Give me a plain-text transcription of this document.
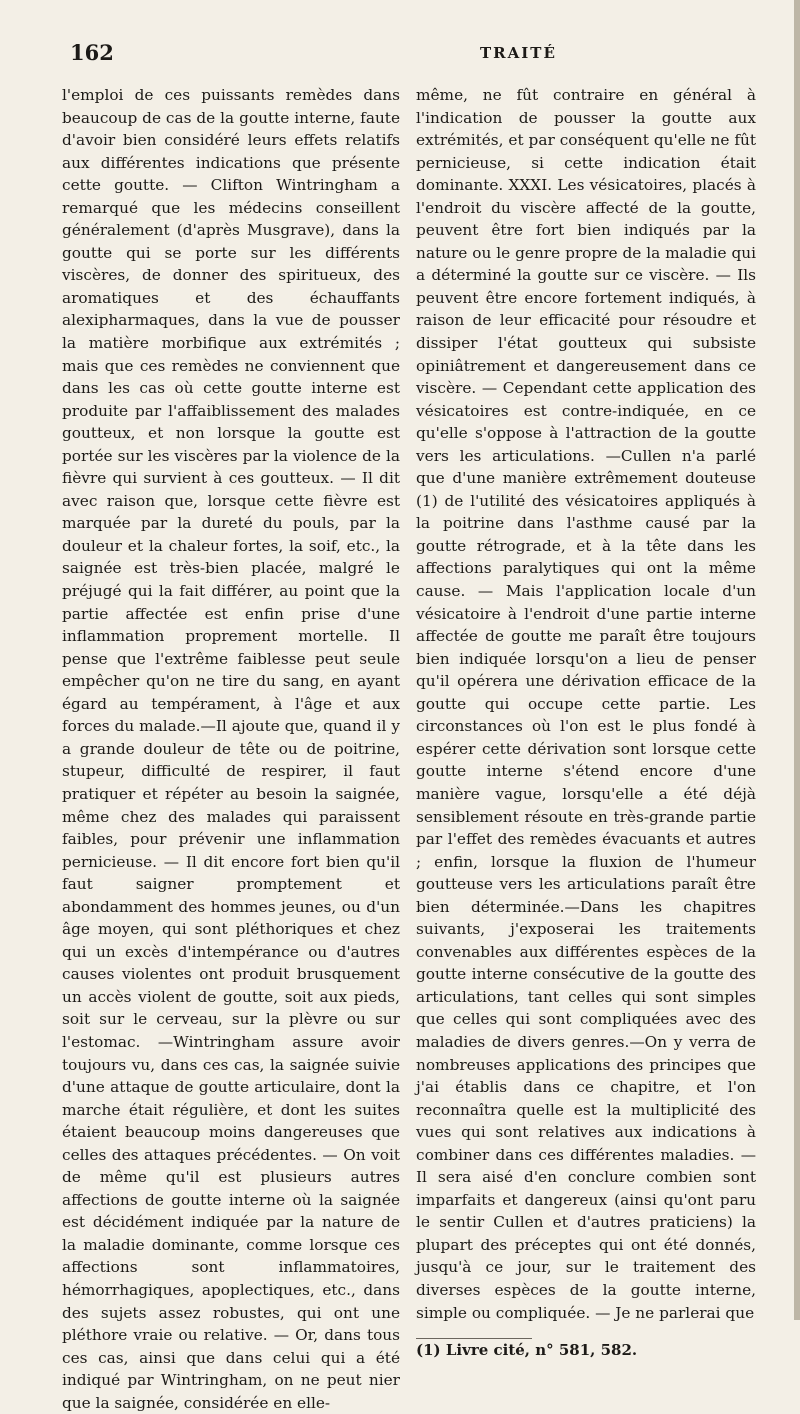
162	TRAITÉ

l'emploi de ces puissants remèdes dans beaucoup de cas de la goutte interne, faute d'avoir bien considéré leurs effets relatifs aux différentes indications que présente cette goutte. — Clifton Wintringham a remarqué que les médecins conseillent généralement (d'après Musgrave), dans la goutte qui se porte sur les différents viscères, de donner des spiritueux, des aromatiques et des échauffants alexipharmaques, dans la vue de pousser la matière morbifique aux extrémités ; mais que ces remèdes ne conviennent que dans les cas où cette goutte interne est produite par l'affaiblissement des malades goutteux, et non lorsque la goutte est portée sur les viscères par la violence de la fièvre qui survient à ces goutteux. — Il dit avec raison que, lorsque cette fièvre est marquée par la dureté du pouls, par la douleur et la chaleur fortes, la soif, etc., la saignée est très-bien placée, malgré le préjugé qui la fait différer, au point que la partie affectée est enfin prise d'une inflammation proprement mortelle. Il pense que l'extrême faiblesse peut seule empêcher qu'on ne tire du sang, en ayant égard au tempérament, à l'âge et aux forces du malade.—Il ajoute que, quand il y a grande douleur de tête ou de poitrine, stupeur, difficulté de respirer, il faut pratiquer et répéter au besoin la saignée, même chez des malades qui paraissent faibles, pour prévenir une inflammation pernicieuse. — Il dit encore fort bien qu'il faut saigner promptement et abondamment des hommes jeunes, ou d'un âge moyen, qui sont pléthoriques et chez qui un excès d'intempérance ou d'autres causes violentes ont produit brusquement un accès violent de goutte, soit aux pieds, soit sur le cerveau, sur la plèvre ou sur l'estomac. —Wintringham assure avoir toujours vu, dans ces cas, la saignée suivie d'une attaque de goutte articulaire, dont la marche était régulière, et dont les suites étaient beaucoup moins dangereuses que celles des attaques précédentes. — On voit de même qu'il est plusieurs autres affections de goutte interne où la saignée est décidément indiquée par la nature de la maladie dominante, comme lorsque ces affections sont inflammatoires, hémorrhagiques, apoplectiques, etc., dans des sujets assez robustes, qui ont une pléthore vraie ou relative. — Or, dans tous ces cas, ainsi que dans celui qui a été indiqué par Wintringham, on ne peut nier que la saignée, considérée en elle-

même, ne fût contraire en général à l'indication de pousser la goutte aux extrémités, et par conséquent qu'elle ne fût pernicieuse, si cette indication était dominante. XXXI. Les vésicatoires, placés à l'endroit du viscère affecté de la goutte, peuvent être fort bien indiqués par la nature ou le genre propre de la maladie qui a déterminé la goutte sur ce viscère. — Ils peuvent être encore fortement indiqués, à raison de leur efficacité pour résoudre et dissiper l'état goutteux qui subsiste opiniâtrement et dangereusement dans ce viscère. — Cependant cette application des vésicatoires est contre-indiquée, en ce qu'elle s'oppose à l'attraction de la goutte vers les articulations. —Cullen n'a parlé que d'une manière extrêmement douteuse (1) de l'utilité des vésicatoires appliqués à la poitrine dans l'asthme causé par la goutte rétrograde, et à la tête dans les affections paralytiques qui ont la même cause. — Mais l'application locale d'un vésicatoire à l'endroit d'une partie interne affectée de goutte me paraît être toujours bien indiquée lorsqu'on a lieu de penser qu'il opérera une dérivation efficace de la goutte qui occupe cette partie. Les circonstances où l'on est le plus fondé à espérer cette dérivation sont lorsque cette goutte interne s'étend encore d'une manière vague, lorsqu'elle a été déjà sensiblement résoute en très-grande partie par l'effet des remèdes évacuants et autres ; enfin, lorsque la fluxion de l'humeur goutteuse vers les articulations paraît être bien déterminée.—Dans les chapitres suivants, j'exposerai les traitements convenables aux différentes espèces de la goutte interne consécutive de la goutte des articulations, tant celles qui sont simples que celles qui sont compliquées avec des maladies de divers genres.—On y verra de nombreuses applications des principes que j'ai établis dans ce chapitre, et l'on reconnaîtra quelle est la multiplicité des vues qui sont relatives aux indications à combiner dans ces différentes maladies. — Il sera aisé d'en conclure combien sont imparfaits et dangereux (ainsi qu'ont paru le sentir Cullen et d'autres praticiens) la plupart des préceptes qui ont été donnés, jusqu'à ce jour, sur le traitement des diverses espèces de la goutte interne, simple ou compliquée. — Je ne parlerai que

(1) Livre cité, n° 581, 582.
